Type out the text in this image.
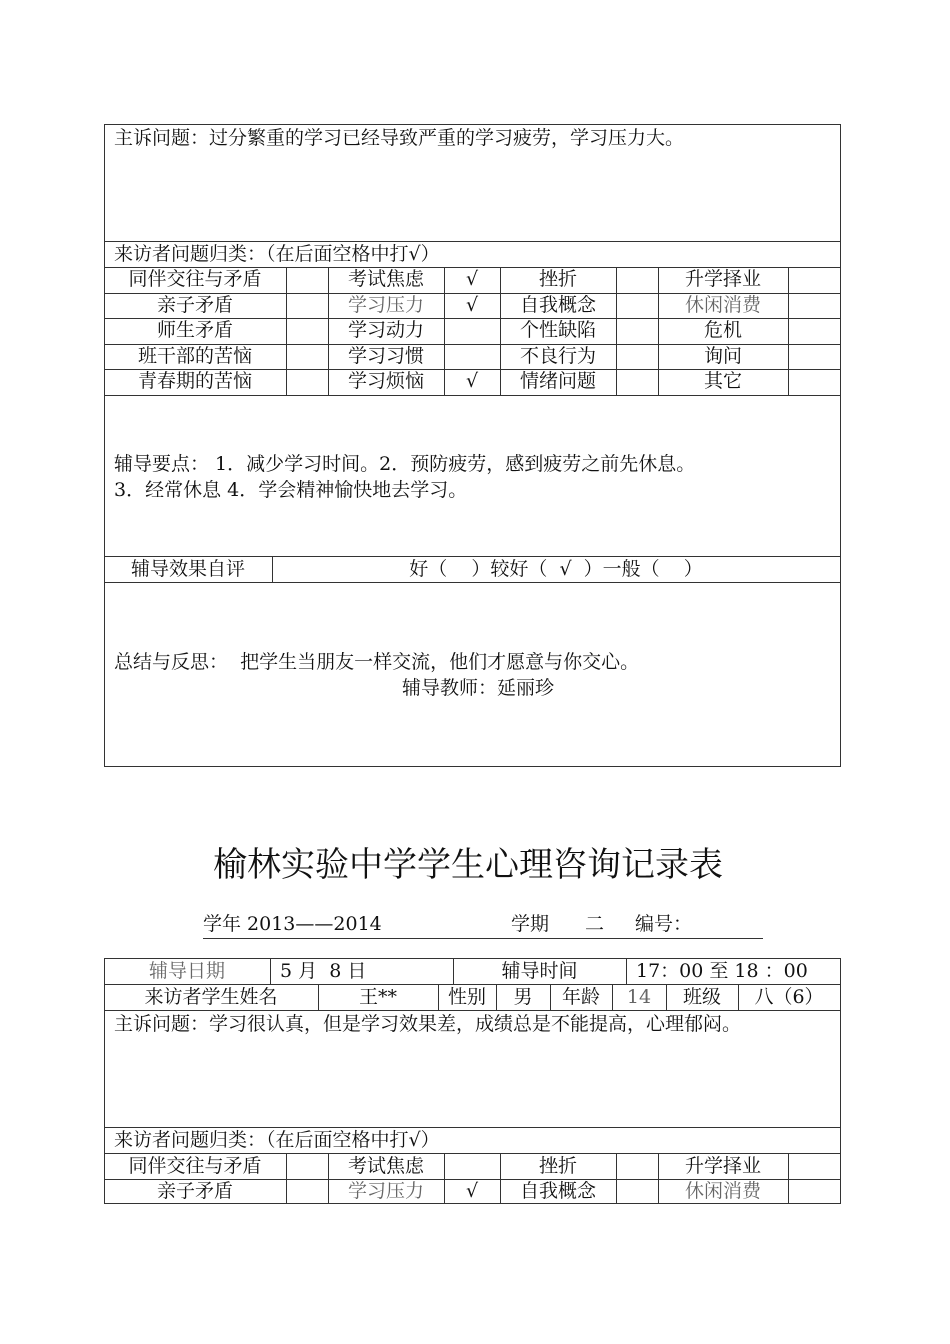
主诉问题：过分繁重的学习已经导致严重的学习疲劳，学习压力大。
来访者问题归类：（在后面空格中打√）
同伴交往与矛盾	考试焦虑	√	挫折	升学择业
亲子矛盾	学习压力	√	自我概念	休闲消费
师生矛盾	学习动力	个性缺陷	危机
班干部的苦恼	学习习惯	不良行为	询问
青春期的苦恼	学习烦恼	√	情绪问题	其它
辅导要点： 1．减少学习时间。2．预防疲劳，感到疲劳之前先休息。
3．经常休息 4．学会精神愉快地去学习。
辅导效果自评	好（    ）较好（  √  ）一般（    ）
总结与反思：  把学生当朋友一样交流，他们才愿意与你交心。
辅导教师：延丽珍
榆林实验中学学生心理咨询记录表
学年 2013——2014	学期 二 编号：
辅导日期	5 月  8 日	辅导时间	17：00 至 18 ：00
来访者学生姓名	王**	性别	男	年龄	14	班级	八（6）
主诉问题：学习很认真，但是学习效果差，成绩总是不能提高，心理郁闷。
来访者问题归类：（在后面空格中打√）
同伴交往与矛盾	考试焦虑	挫折	升学择业
亲子矛盾	学习压力	√	自我概念	休闲消费
